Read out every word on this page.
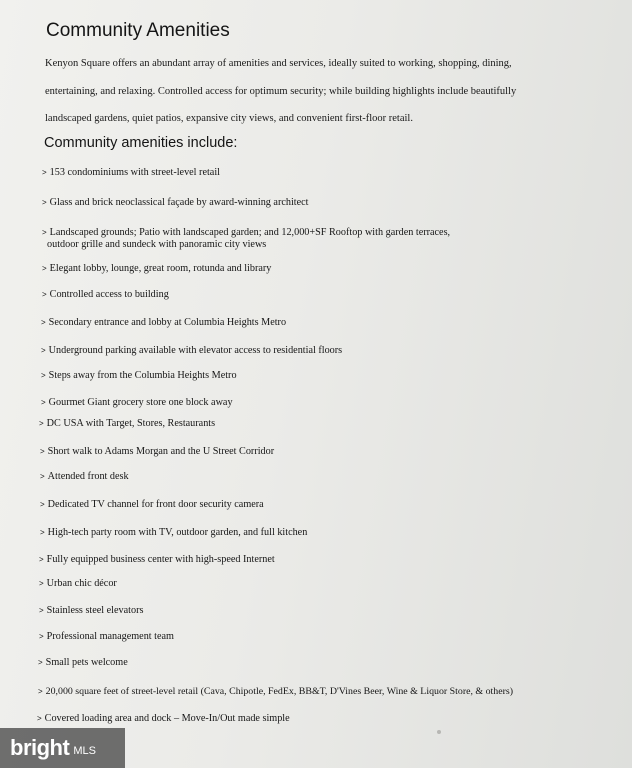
Community Amenities

Kenyon Square offers an abundant array of amenities and services, ideally suited to working, shopping, dining,
entertaining, and relaxing. Controlled access for optimum security; while building highlights include beautifully
landscaped gardens, quiet patios, expansive city views, and convenient first-floor retail.

Community amenities include:

> 153 condominiums with street-level retail

> Glass and brick neoclassical façade by award-winning architect

> Landscaped grounds; Patio with landscaped garden; and 12,000+SF Rooftop with garden terraces,
outdoor grille and sundeck with panoramic city views

> Elegant lobby, lounge, great room, rotunda and library

> Controlled access to building

> Secondary entrance and lobby at Columbia Heights Metro

> Underground parking available with elevator access to residential floors

> Steps away from the Columbia Heights Metro

> Gourmet Giant grocery store one block away

> DC USA with Target, Stores, Restaurants

> Short walk to Adams Morgan and the U Street Corridor

> Attended front desk

> Dedicated TV channel for front door security camera

> High-tech party room with TV, outdoor garden, and full kitchen

> Fully equipped business center with high-speed Internet

> Urban chic décor

> Stainless steel elevators

> Professional management team

> Small pets welcome

> 20,000 square feet of street-level retail (Cava, Chipotle, FedEx, BB&T, D'Vines Beer, Wine & Liquor Store, & others)

> Covered loading area and dock – Move-In/Out made simple

bright MLS
